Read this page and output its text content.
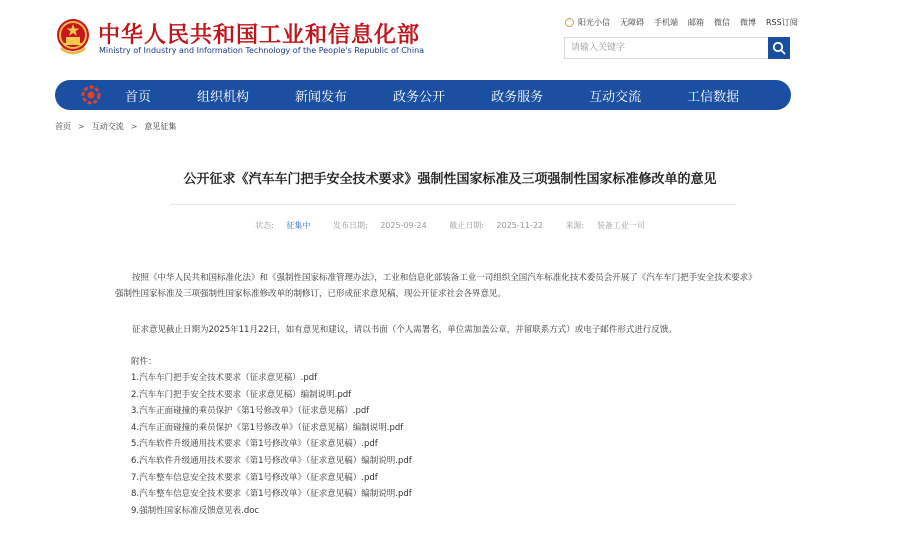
中华人民共和国工业和信息化部
Ministry of Industry and Information Technology of the People's Republic of China
阳光小信 无障碍 手机端 邮箱 微信 微博 RSS订阅
请输入关键字
首页	组织机构	新闻发布	政务公开	政务服务	互动交流	工信数据
首页 > 互动交流 > 意见征集
公开征求《汽车车门把手安全技术要求》强制性国家标准及三项强制性国家标准修改单的意见
状态: 征集中	发布日期: 2025-09-24	截止日期: 2025-11-22	来源: 装备工业一司

按照《中华人民共和国标准化法》和《强制性国家标准管理办法》，工业和信息化部装备工业一司组织全国汽车标准化技术委员会开展了《汽车车门把手安全技术要求》强制性国家标准及三项强制性国家标准修改单的制修订，已形成征求意见稿，现公开征求社会各界意见。

征求意见截止日期为2025年11月22日，如有意见和建议，请以书面（个人需署名，单位需加盖公章，并留联系方式）或电子邮件形式进行反馈。

附件：
1.汽车车门把手安全技术要求（征求意见稿）.pdf
2.汽车车门把手安全技术要求（征求意见稿）编制说明.pdf
3.汽车正面碰撞的乘员保护《第1号修改单》（征求意见稿）.pdf
4.汽车正面碰撞的乘员保护《第1号修改单》（征求意见稿）编制说明.pdf
5.汽车软件升级通用技术要求《第1号修改单》（征求意见稿）.pdf
6.汽车软件升级通用技术要求《第1号修改单》（征求意见稿）编制说明.pdf
7.汽车整车信息安全技术要求《第1号修改单》（征求意见稿）.pdf
8.汽车整车信息安全技术要求《第1号修改单》（征求意见稿）编制说明.pdf
9.强制性国家标准反馈意见表.doc
